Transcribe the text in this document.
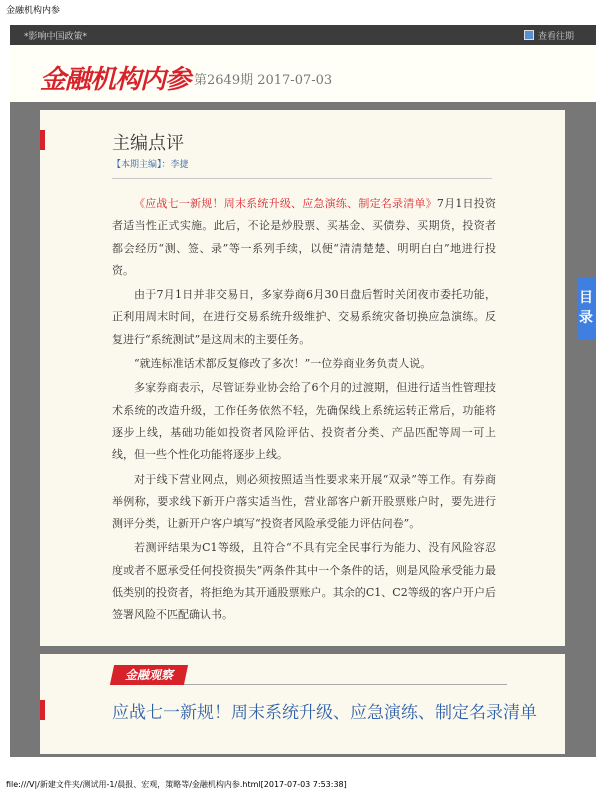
金融机构内参
*影响中国政策*	查看往期
金融机构内参 第2649期 2017-07-03
主编点评
【本期主编】：李捷

《应战七一新规！周末系统升级、应急演练、制定名录清单》7月1日投资者适当性正式实施。此后，不论是炒股票、买基金、买债券、买期货，投资者都会经历“测、签、录”等一系列手续，以便“清清楚楚、明明白白”地进行投资。

由于7月1日并非交易日，多家券商6月30日盘后暂时关闭夜市委托功能，正利用周末时间，在进行交易系统升级维护、交易系统灾备切换应急演练。反复进行“系统测试”是这周末的主要任务。

“就连标准话术都反复修改了多次！”一位券商业务负责人说。

多家券商表示，尽管证券业协会给了6个月的过渡期，但进行适当性管理技术系统的改造升级，工作任务依然不轻，先确保线上系统运转正常后，功能将逐步上线，基础功能如投资者风险评估、投资者分类、产品匹配等周一可上线，但一些个性化功能将逐步上线。

对于线下营业网点，则必须按照适当性要求来开展“双录”等工作。有券商举例称，要求线下新开户落实适当性，营业部客户新开股票账户时，要先进行测评分类，让新开户客户填写“投资者风险承受能力评估问卷”。

若测评结果为C1等级，且符合“不具有完全民事行为能力、没有风险容忍度或者不愿承受任何投资损失”两条件其中一个条件的话，则是风险承受能力最低类别的投资者，将拒绝为其开通股票账户。其余的C1、C2等级的客户开户后签署风险不匹配确认书。

目录
金融观察
应战七一新规！周末系统升级、应急演练、制定名录清单
file:///V|/新建文件夹/测试用-1/晨报、宏观，策略等/金融机构内参.html[2017-07-03 7:53:38]
